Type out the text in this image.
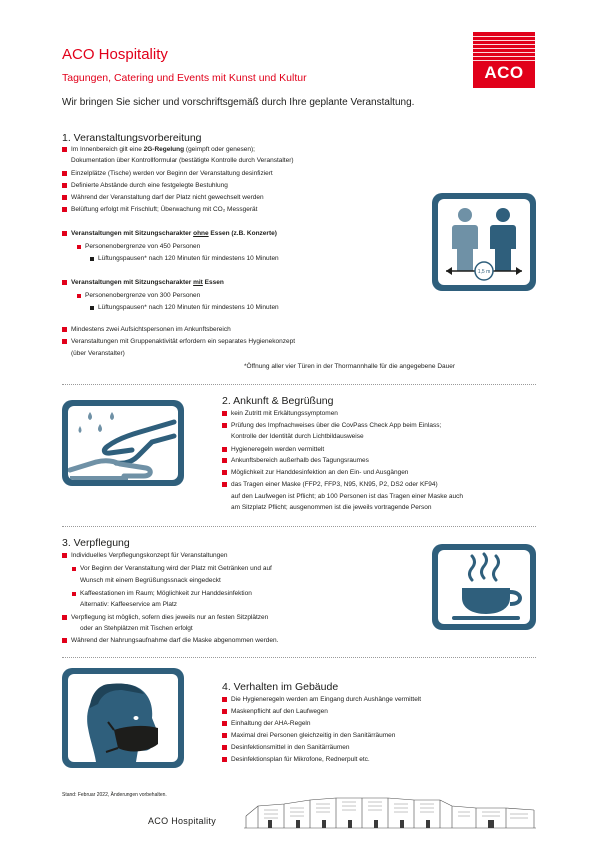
ACO Hospitality
Tagungen, Catering und Events mit Kunst und Kultur
Wir bringen Sie sicher und vorschriftsgemäß durch Ihre geplante Veranstaltung.
ACO
1. Veranstaltungsvorbereitung
Im Innenbereich gilt eine 2G-Regelung (geimpft oder genesen);
Dokumentation über Kontrollformular (bestätigte Kontrolle durch Veranstalter)
Einzelplätze (Tische) werden vor Beginn der Veranstaltung desinfiziert
Definierte Abstände durch eine festgelegte Bestuhlung
Während der Veranstaltung darf der Platz nicht gewechselt werden
Belüftung erfolgt mit Frischluft; Überwachung mit CO₂ Messgerät
Veranstaltungen mit Sitzungscharakter ohne Essen (z.B. Konzerte)
Personenobergrenze von 450 Personen
Lüftungspausen* nach 120 Minuten für mindestens 10 Minuten
Veranstaltungen mit Sitzungscharakter mit Essen
Personenobergrenze von 300 Personen
Lüftungspausen* nach 120 Minuten für mindestens 10 Minuten
Mindestens zwei Aufsichtspersonen im Ankunftsbereich
Veranstaltungen mit Gruppenaktivität erfordern ein separates Hygienekonzept
(über Veranstalter)
*Öffnung aller vier Türen in der Thormannhalle für die angegebene Dauer
1,5 m
2. Ankunft & Begrüßung
kein Zutritt mit Erkältungssymptomen
Prüfung des Impfnachweises über die CovPass Check App beim Einlass;
Kontrolle der Identität durch Lichtbildausweise
Hygieneregeln werden vermittelt
Ankunftsbereich außerhalb des Tagungsraumes
Möglichkeit zur Handdesinfektion an den Ein- und Ausgängen
das Tragen einer Maske (FFP2, FFP3, N95, KN95, P2, DS2 oder KF94)
auf den Laufwegen ist Pflicht; ab 100 Personen ist das Tragen einer Maske auch
am Sitzplatz Pflicht; ausgenommen ist die jeweils vortragende Person
3. Verpflegung
Individuelles Verpflegungskonzept für Veranstaltungen
Vor Beginn der Veranstaltung wird der Platz mit Getränken und auf
Wunsch mit einem Begrüßungssnack eingedeckt
Kaffeestationen im Raum; Möglichkeit zur Handdesinfektion
Alternativ: Kaffeeservice am Platz
Verpflegung ist möglich, sofern dies jeweils nur an festen Sitzplätzen
oder an Stehplätzen mit Tischen erfolgt
Während der Nahrungsaufnahme darf die Maske abgenommen werden.
4. Verhalten im Gebäude
Die Hygieneregeln werden am Eingang durch Aushänge vermittelt
Maskenpflicht auf den Laufwegen
Einhaltung der AHA-Regeln
Maximal drei Personen gleichzeitig in den Sanitärräumen
Desinfektionsmittel in den Sanitärräumen
Desinfektionsplan für Mikrofone, Rednerpult etc.
Stand: Februar 2022, Änderungen vorbehalten.
ACO Hospitality
